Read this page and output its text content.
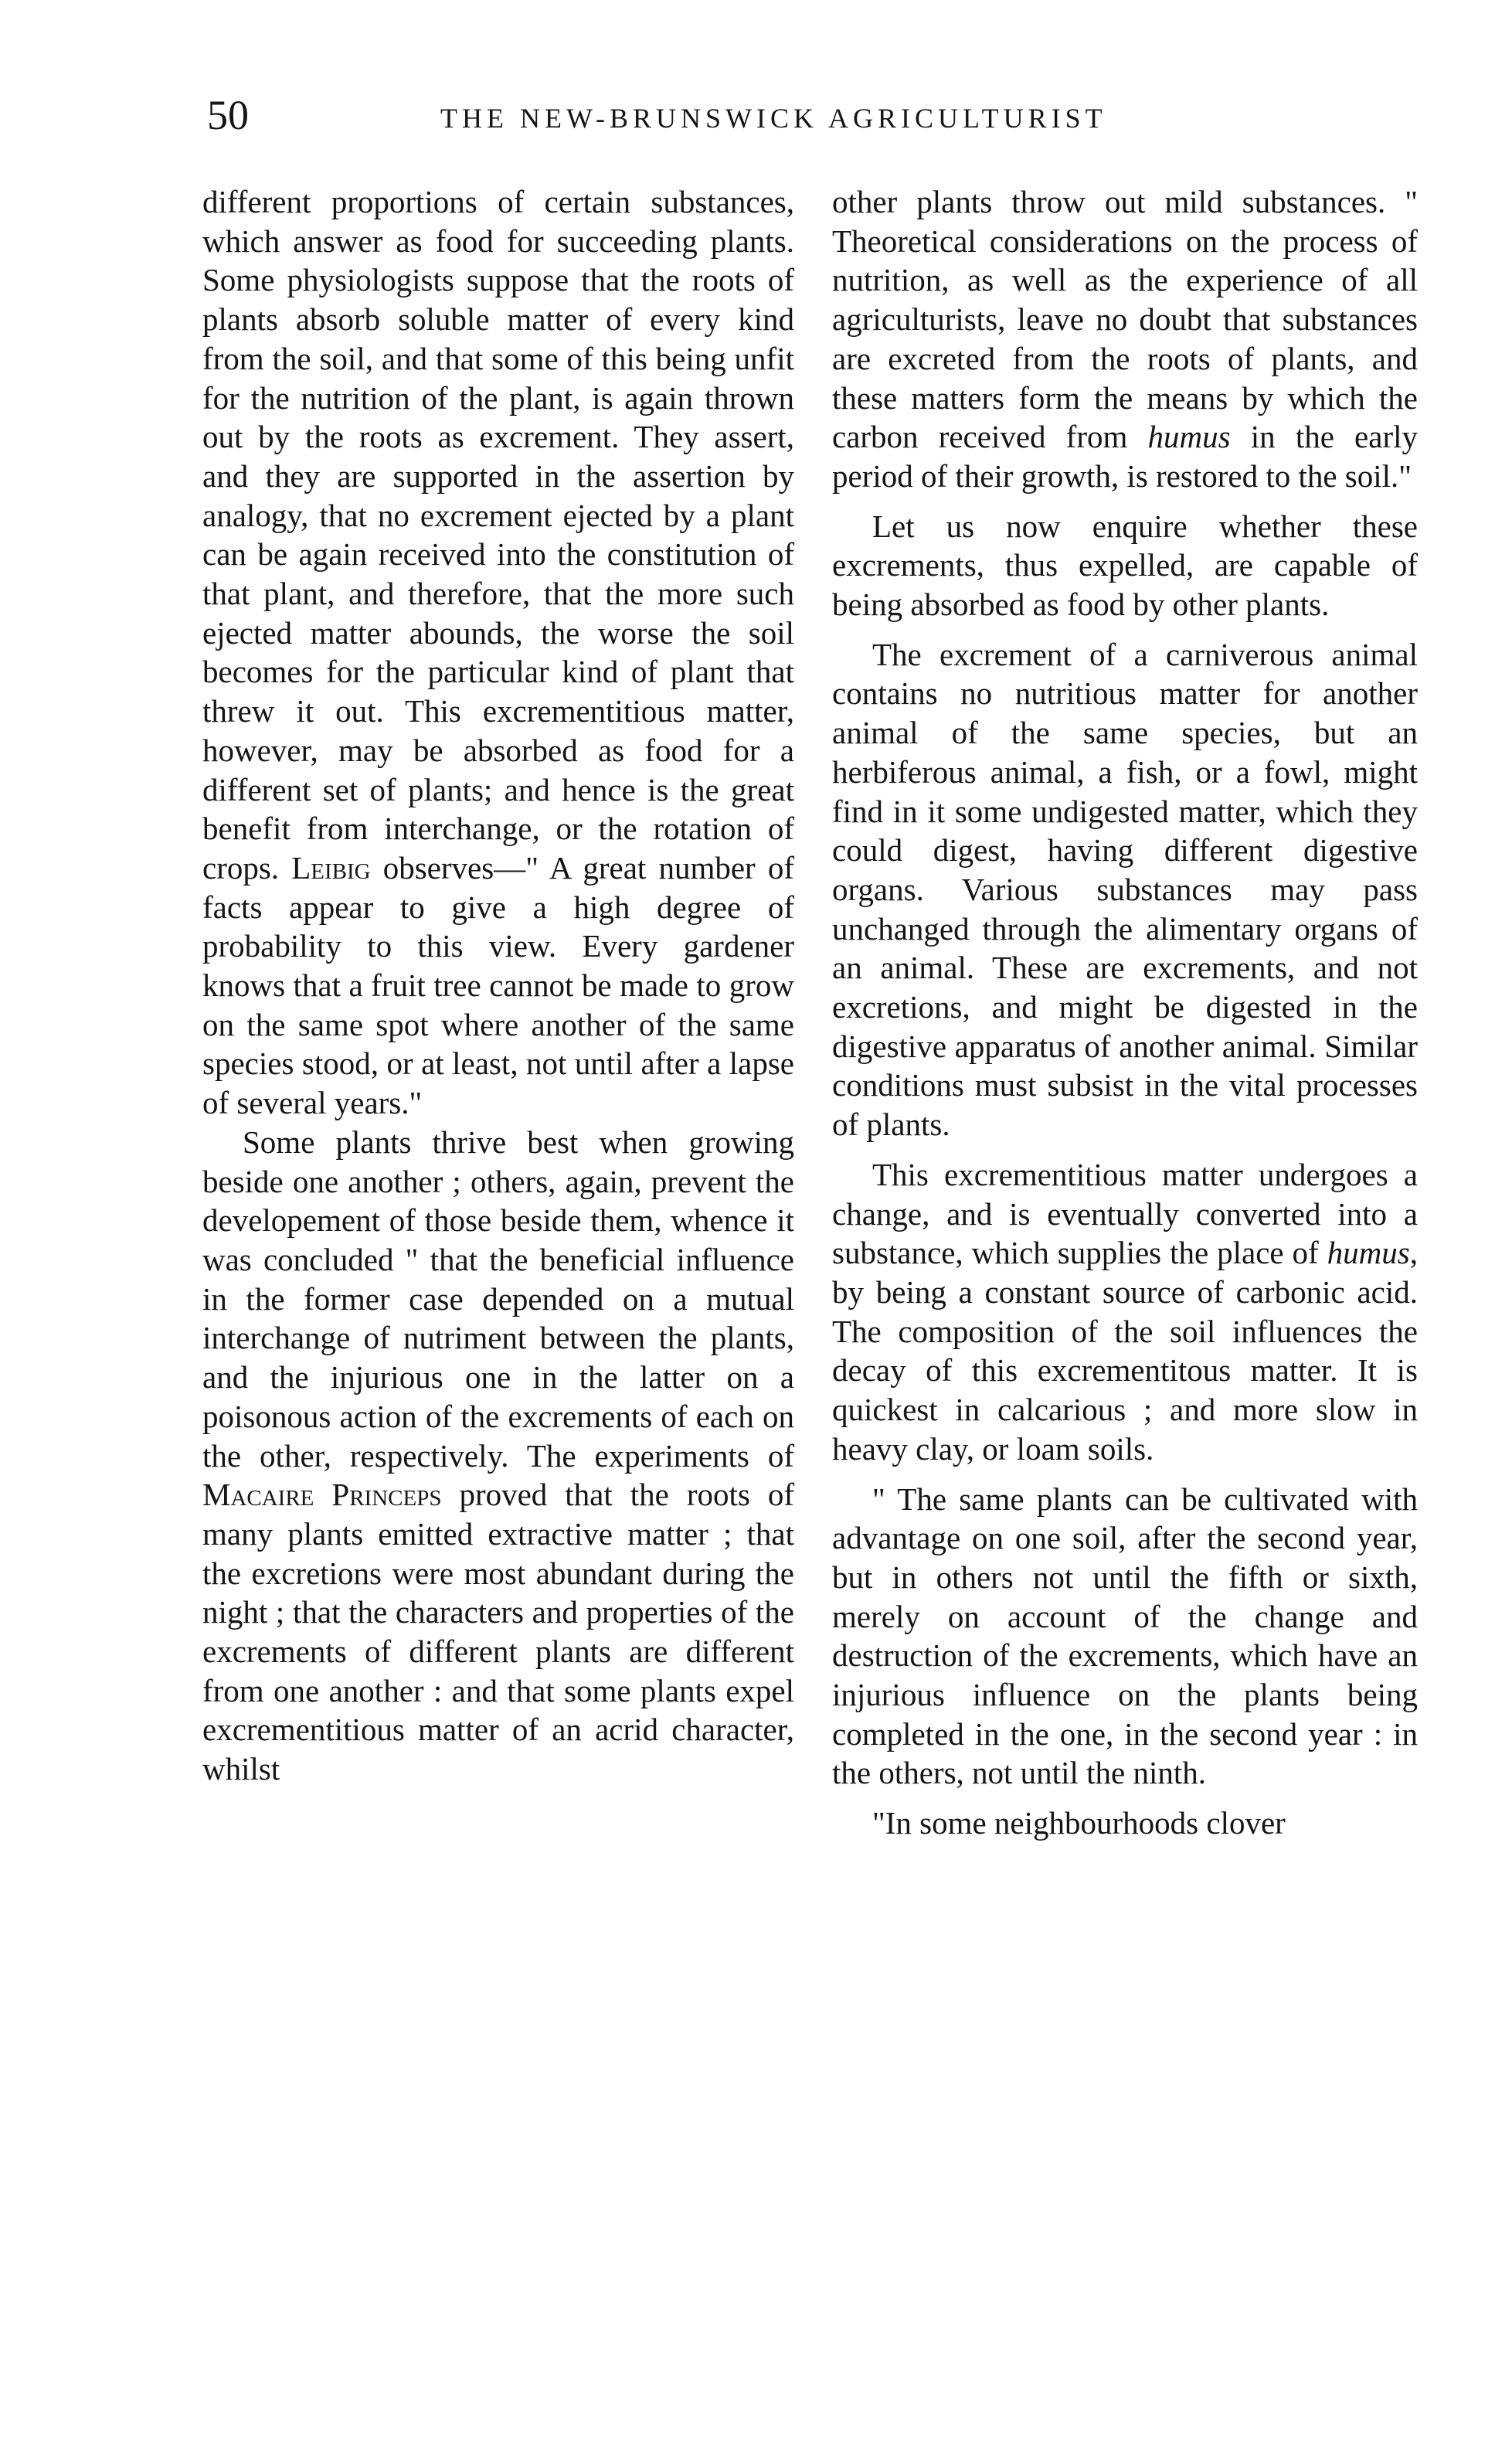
50	THE NEW-BRUNSWICK AGRICULTURIST

different proportions of certain substances, which answer as food for succeeding plants. Some physiologists suppose that the roots of plants absorb soluble matter of every kind from the soil, and that some of this being unfit for the nutrition of the plant, is again thrown out by the roots as excrement. They assert, and they are supported in the assertion by analogy, that no excrement ejected by a plant can be again received into the constitution of that plant, and therefore, that the more such ejected matter abounds, the worse the soil becomes for the particular kind of plant that threw it out. This excrementitious matter, however, may be absorbed as food for a different set of plants; and hence is the great benefit from interchange, or the rotation of crops. Leibig observes—" A great number of facts appear to give a high degree of probability to this view. Every gardener knows that a fruit tree cannot be made to grow on the same spot where another of the same species stood, or at least, not until after a lapse of several years."

Some plants thrive best when growing beside one another ; others, again, prevent the developement of those beside them, whence it was concluded " that the beneficial influence in the former case depended on a mutual interchange of nutriment between the plants, and the injurious one in the latter on a poisonous action of the excrements of each on the other, respectively. The experiments of Macaire Princeps proved that the roots of many plants emitted extractive matter ; that the excretions were most abundant during the night ; that the characters and properties of the excrements of different plants are different from one another : and that some plants expel excrementitious matter of an acrid character, whilst

other plants throw out mild substances. " Theoretical considerations on the process of nutrition, as well as the experience of all agriculturists, leave no doubt that substances are excreted from the roots of plants, and these matters form the means by which the carbon received from humus in the early period of their growth, is restored to the soil."

Let us now enquire whether these excrements, thus expelled, are capable of being absorbed as food by other plants.

The excrement of a carniverous animal contains no nutritious matter for another animal of the same species, but an herbiferous animal, a fish, or a fowl, might find in it some undigested matter, which they could digest, having different digestive organs. Various substances may pass unchanged through the alimentary organs of an animal. These are excrements, and not excretions, and might be digested in the digestive apparatus of another animal. Similar conditions must subsist in the vital processes of plants.

This excrementitious matter undergoes a change, and is eventually converted into a substance, which supplies the place of humus, by being a constant source of carbonic acid. The composition of the soil influences the decay of this excrementitous matter. It is quickest in calcarious ; and more slow in heavy clay, or loam soils.

" The same plants can be cultivated with advantage on one soil, after the second year, but in others not until the fifth or sixth, merely on account of the change and destruction of the excrements, which have an injurious influence on the plants being completed in the one, in the second year : in the others, not until the ninth.

"In some neighbourhoods clover
